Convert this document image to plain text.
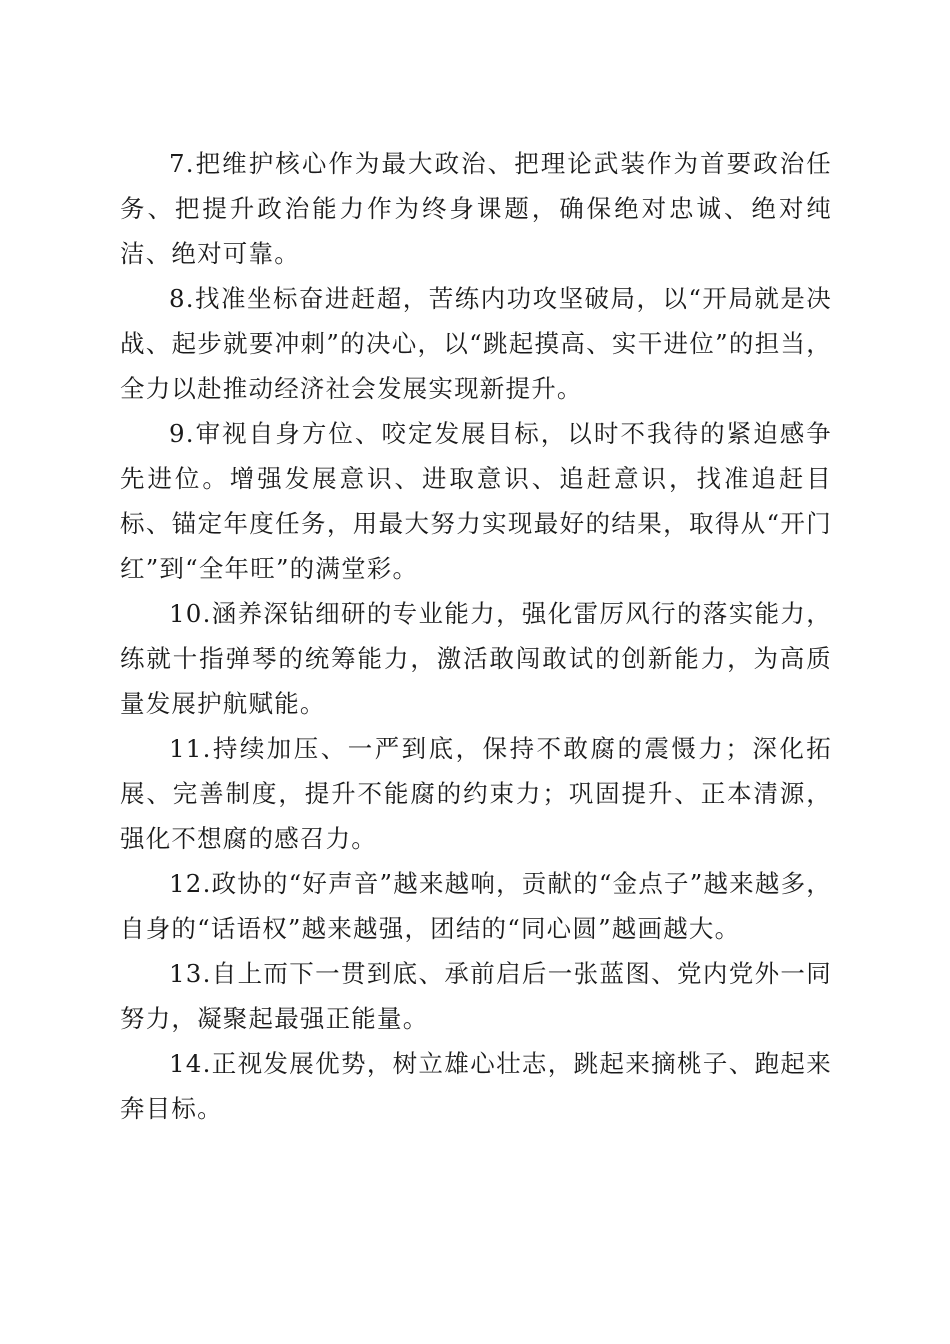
7.把维护核心作为最大政治、把理论武装作为首要政治任务、把提升政治能力作为终身课题，确保绝对忠诚、绝对纯洁、绝对可靠。

8.找准坐标奋进赶超，苦练内功攻坚破局，以“开局就是决战、起步就要冲刺”的决心，以“跳起摸高、实干进位”的担当，全力以赴推动经济社会发展实现新提升。

9.审视自身方位、咬定发展目标，以时不我待的紧迫感争先进位。增强发展意识、进取意识、追赶意识，找准追赶目标、锚定年度任务，用最大努力实现最好的结果，取得从“开门红”到“全年旺”的满堂彩。

10.涵养深钻细研的专业能力，强化雷厉风行的落实能力，练就十指弹琴的统筹能力，激活敢闯敢试的创新能力，为高质量发展护航赋能。

11.持续加压、一严到底，保持不敢腐的震慑力；深化拓展、完善制度，提升不能腐的约束力；巩固提升、正本清源，强化不想腐的感召力。

12.政协的“好声音”越来越响，贡献的“金点子”越来越多，自身的“话语权”越来越强，团结的“同心圆”越画越大。

13.自上而下一贯到底、承前启后一张蓝图、党内党外一同努力，凝聚起最强正能量。

14.正视发展优势，树立雄心壮志，跳起来摘桃子、跑起来奔目标。
